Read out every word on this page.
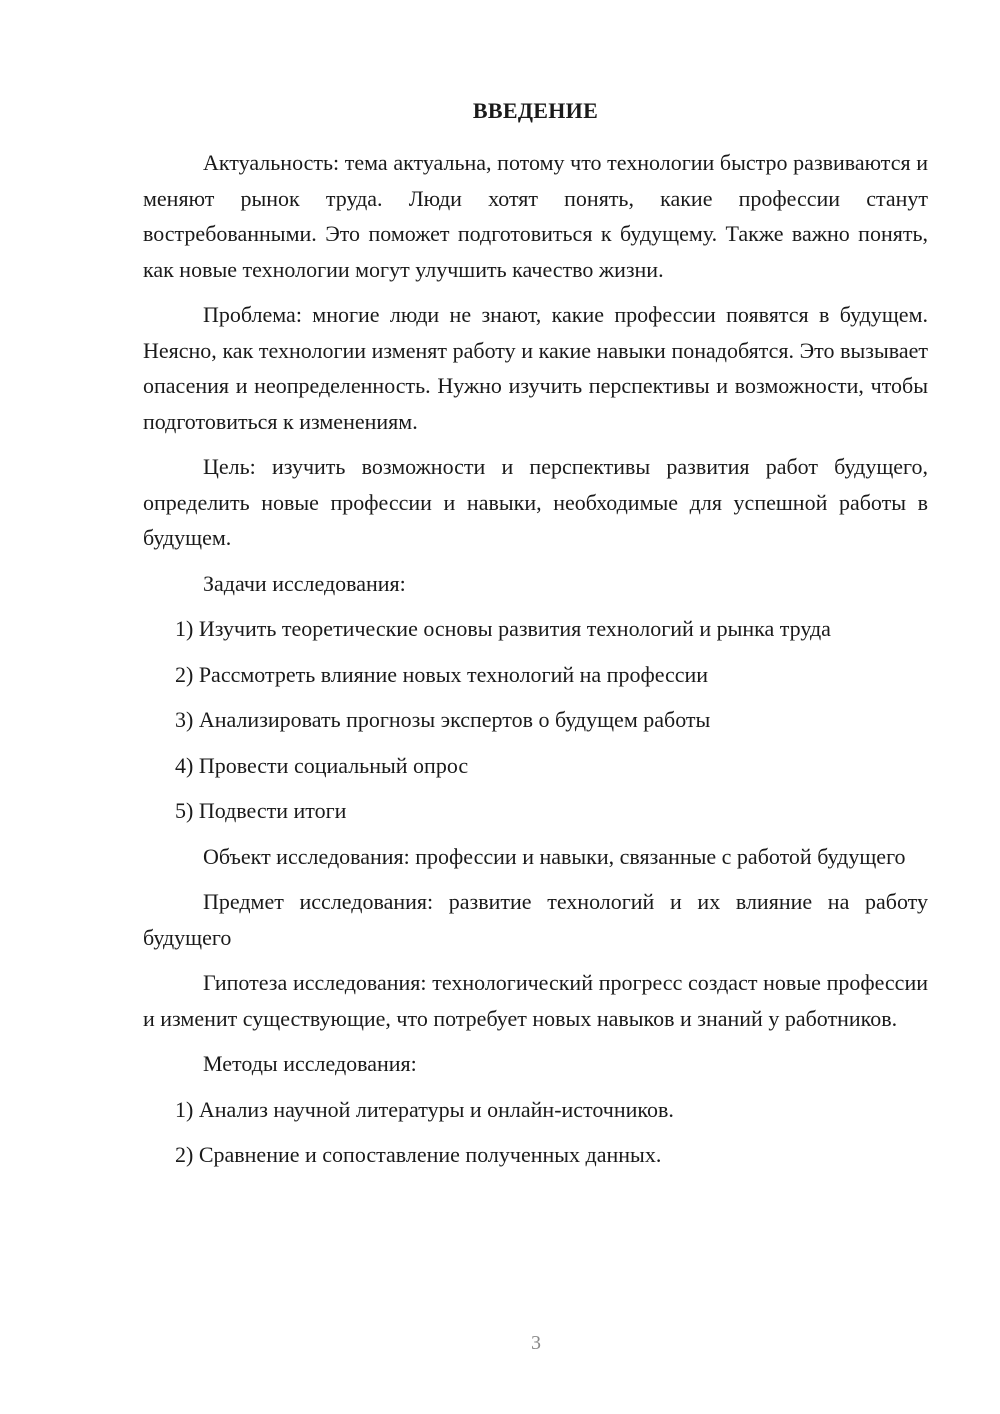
ВВЕДЕНИЕ

Актуальность: тема актуальна, потому что технологии быстро развиваются и меняют рынок труда. Люди хотят понять, какие профессии станут востребованными. Это поможет подготовиться к будущему. Также важно понять, как новые технологии могут улучшить качество жизни.

Проблема: многие люди не знают, какие профессии появятся в будущем. Неясно, как технологии изменят работу и какие навыки понадобятся. Это вызывает опасения и неопределенность. Нужно изучить перспективы и возможности, чтобы подготовиться к изменениям.

Цель: изучить возможности и перспективы развития работ будущего, определить новые профессии и навыки, необходимые для успешной работы в будущем.

Задачи исследования:

1) Изучить теоретические основы развития технологий и рынка труда

2) Рассмотреть влияние новых технологий на профессии

3) Анализировать прогнозы экспертов о будущем работы

4) Провести социальный опрос

5) Подвести итоги

Объект исследования: профессии и навыки, связанные с работой будущего

Предмет исследования: развитие технологий и их влияние на работу будущего

Гипотеза исследования: технологический прогресс создаст новые профессии и изменит существующие, что потребует новых навыков и знаний у работников.

Методы исследования:

1) Анализ научной литературы и онлайн-источников.

2) Сравнение и сопоставление полученных данных.

3
